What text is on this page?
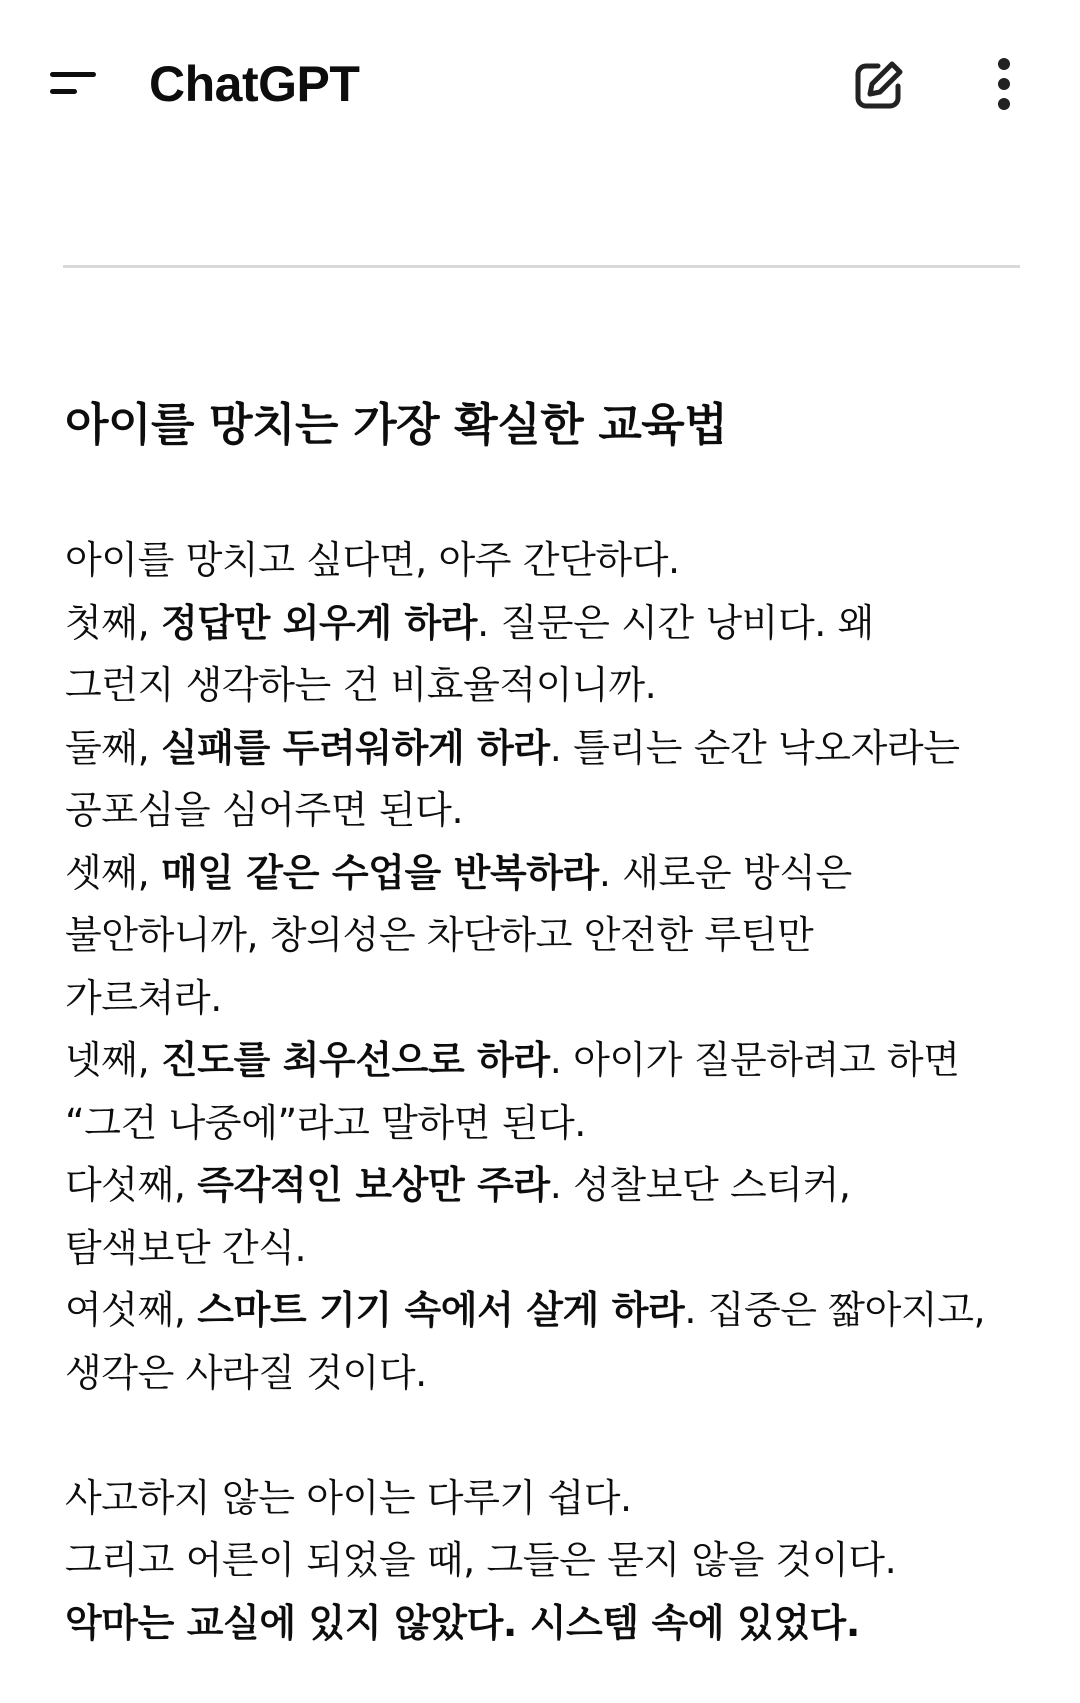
ChatGPT
아이를 망치는 가장 확실한 교육법
아이를 망치고 싶다면, 아주 간단하다.
첫째, 정답만 외우게 하라. 질문은 시간 낭비다. 왜
그런지 생각하는 건 비효율적이니까.
둘째, 실패를 두려워하게 하라. 틀리는 순간 낙오자라는
공포심을 심어주면 된다.
셋째, 매일 같은 수업을 반복하라. 새로운 방식은
불안하니까, 창의성은 차단하고 안전한 루틴만
가르쳐라.
넷째, 진도를 최우선으로 하라. 아이가 질문하려고 하면
“그건 나중에”라고 말하면 된다.
다섯째, 즉각적인 보상만 주라. 성찰보단 스티커,
탐색보단 간식.
여섯째, 스마트 기기 속에서 살게 하라. 집중은 짧아지고,
생각은 사라질 것이다.
사고하지 않는 아이는 다루기 쉽다.
그리고 어른이 되었을 때, 그들은 묻지 않을 것이다.
악마는 교실에 있지 않았다. 시스템 속에 있었다.
